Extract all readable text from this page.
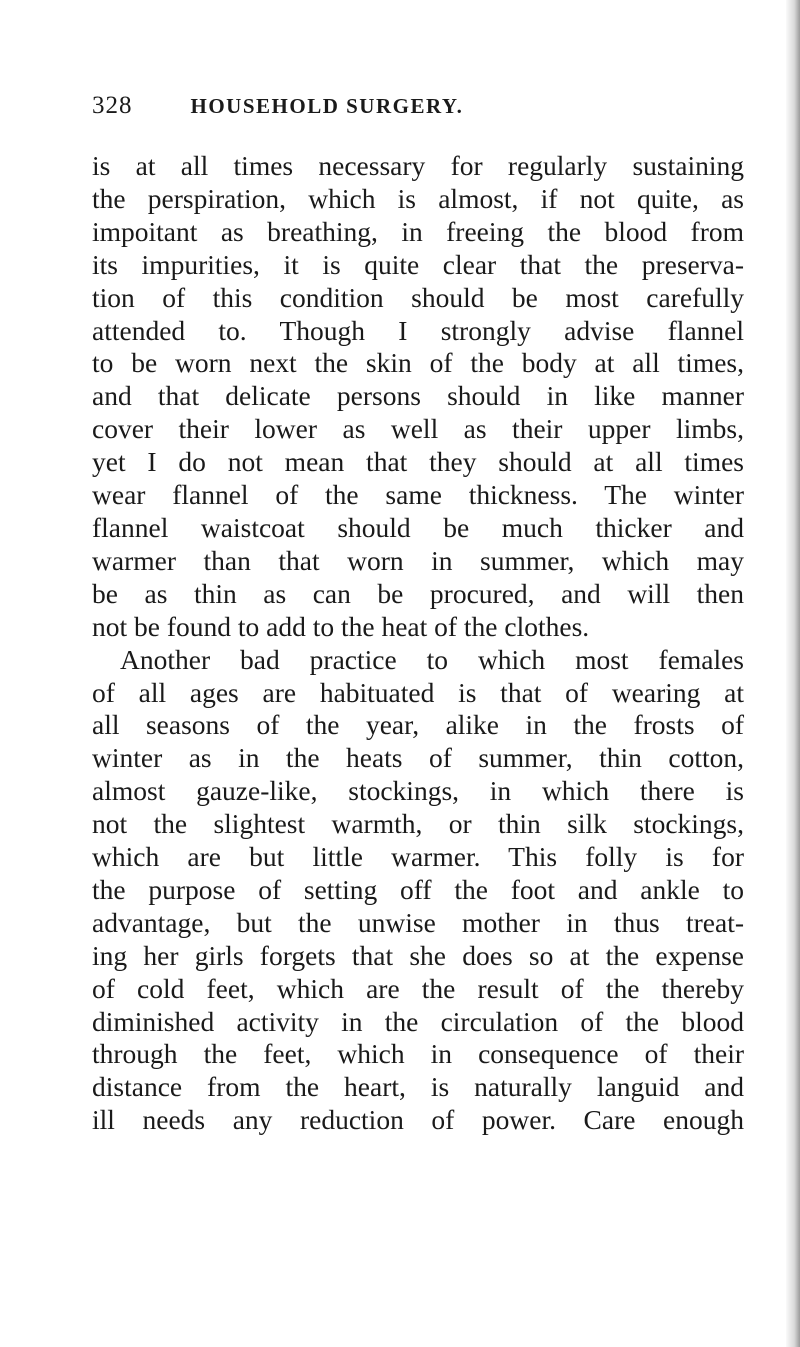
328	HOUSEHOLD SURGERY.
is at all times necessary for regularly sustaining
the perspiration, which is almost, if not quite, as
impoitant as breathing, in freeing the blood from
its impurities, it is quite clear that the preserva-
tion of this condition should be most carefully
attended to. Though I strongly advise flannel
to be worn next the skin of the body at all times,
and that delicate persons should in like manner
cover their lower as well as their upper limbs,
yet I do not mean that they should at all times
wear flannel of the same thickness. The winter
flannel waistcoat should be much thicker and
warmer than that worn in summer, which may
be as thin as can be procured, and will then
not be found to add to the heat of the clothes.
Another bad practice to which most females
of all ages are habituated is that of wearing at
all seasons of the year, alike in the frosts of
winter as in the heats of summer, thin cotton,
almost gauze-like, stockings, in which there is
not the slightest warmth, or thin silk stockings,
which are but little warmer. This folly is for
the purpose of setting off the foot and ankle to
advantage, but the unwise mother in thus treat-
ing her girls forgets that she does so at the expense
of cold feet, which are the result of the thereby
diminished activity in the circulation of the blood
through the feet, which in consequence of their
distance from the heart, is naturally languid and
ill needs any reduction of power. Care enough
